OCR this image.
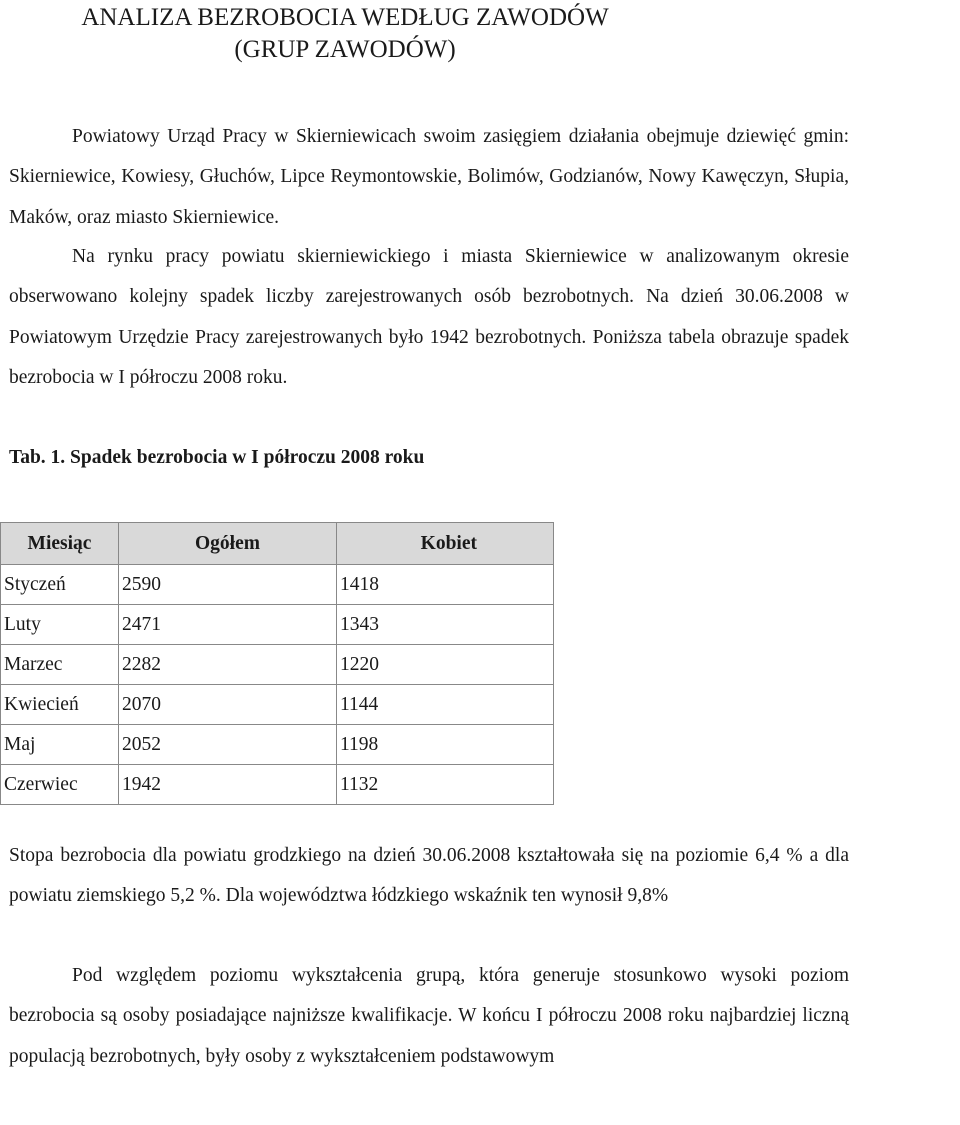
ANALIZA BEZROBOCIA WEDŁUG ZAWODÓW
(GRUP ZAWODÓW)

Powiatowy Urząd Pracy w Skierniewicach swoim zasięgiem działania obejmuje dziewięć gmin: Skierniewice, Kowiesy, Głuchów, Lipce Reymontowskie, Bolimów, Godzianów, Nowy Kawęczyn, Słupia, Maków, oraz miasto Skierniewice.

Na rynku pracy powiatu skierniewickiego i miasta Skierniewice w analizowanym okresie obserwowano kolejny spadek liczby zarejestrowanych osób bezrobotnych. Na dzień 30.06.2008 w Powiatowym Urzędzie Pracy zarejestrowanych było 1942 bezrobotnych. Poniższa tabela obrazuje spadek bezrobocia w I półroczu 2008 roku.

Tab. 1. Spadek bezrobocia w I półroczu 2008 roku

Miesiąc	Ogółem	Kobiet
Styczeń	2590	1418
Luty	2471	1343
Marzec	2282	1220
Kwiecień	2070	1144
Maj	2052	1198
Czerwiec	1942	1132

Stopa bezrobocia dla powiatu grodzkiego na dzień 30.06.2008 kształtowała się na poziomie 6,4 % a dla powiatu ziemskiego 5,2 %. Dla województwa łódzkiego wskaźnik ten wynosił 9,8%

Pod względem poziomu wykształcenia grupą, która generuje stosunkowo wysoki poziom bezrobocia są osoby posiadające najniższe kwalifikacje. W końcu I półroczu 2008 roku najbardziej liczną populacją bezrobotnych, były osoby z wykształceniem podstawowym
